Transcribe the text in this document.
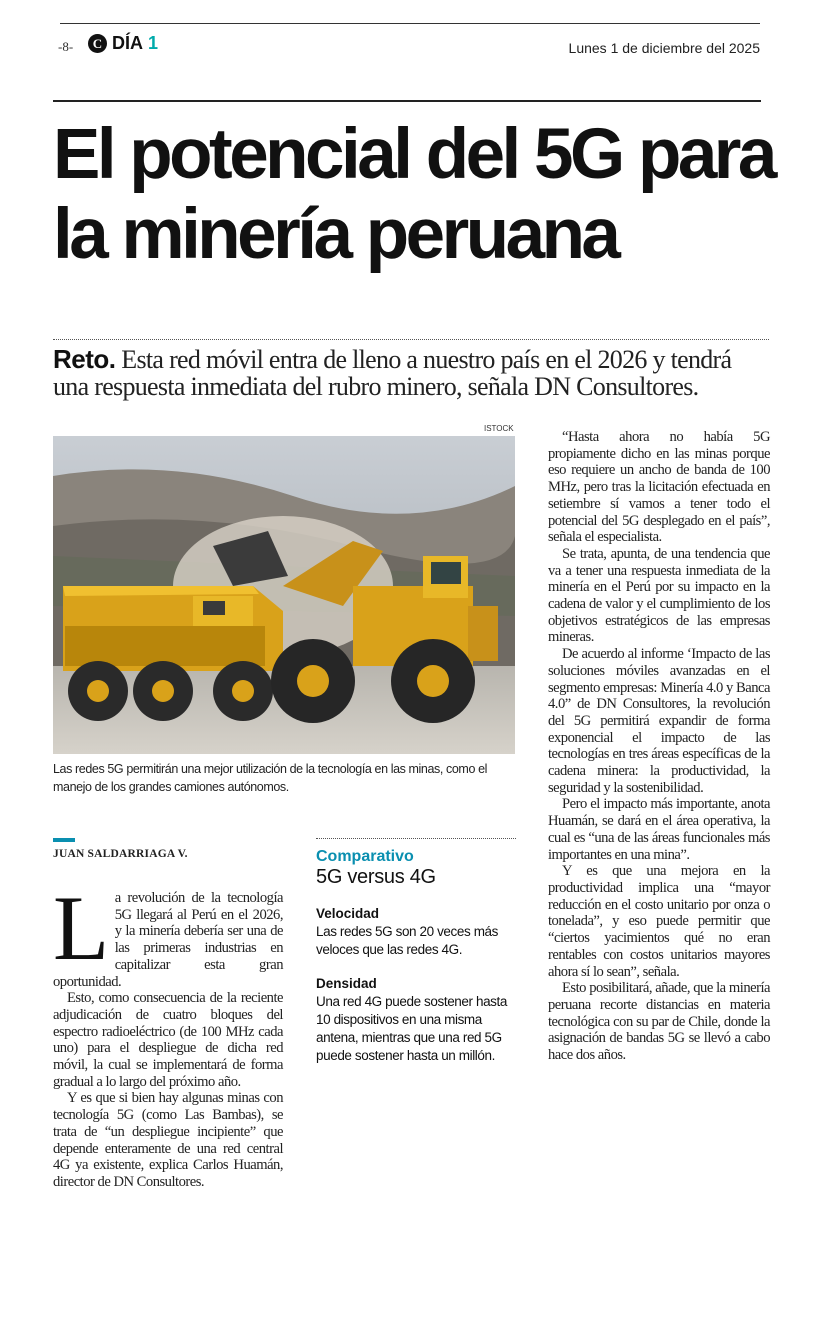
-8-	C DÍA 1	Lunes 1 de diciembre del 2025
El potencial del 5G para la minería peruana
Reto. Esta red móvil entra de lleno a nuestro país en el 2026 y tendrá una respuesta inmediata del rubro minero, señala DN Consultores.
ISTOCK
Las redes 5G permitirán una mejor utilización de la tecnología en las minas, como el manejo de los grandes camiones autónomos.
JUAN SALDARRIAGA V.

La revolución de la tecnología 5G llegará al Perú en el 2026, y la minería debería ser una de las primeras industrias en capitalizar esta gran oportunidad.

Esto, como consecuencia de la reciente adjudicación de cuatro bloques del espectro radioeléctrico (de 100 MHz cada uno) para el despliegue de dicha red móvil, la cual se implementará de forma gradual a lo largo del próximo año.

Y es que si bien hay algunas minas con tecnología 5G (como Las Bambas), se trata de “un despliegue incipiente” que depende enteramente de una red central 4G ya existente, explica Carlos Huamán, director de DN Consultores.

Comparativo
5G versus 4G
Velocidad
Las redes 5G son 20 veces más veloces que las redes 4G.
Densidad
Una red 4G puede sostener hasta 10 dispositivos en una misma antena, mientras que una red 5G puede sostener hasta un millón.

“Hasta ahora no había 5G propiamente dicho en las minas porque eso requiere un ancho de banda de 100 MHz, pero tras la licitación efectuada en setiembre sí vamos a tener todo el potencial del 5G desplegado en el país”, señala el especialista.

Se trata, apunta, de una tendencia que va a tener una respuesta inmediata de la minería en el Perú por su impacto en la cadena de valor y el cumplimiento de los objetivos estratégicos de las empresas mineras.

De acuerdo al informe ‘Impacto de las soluciones móviles avanzadas en el segmento empresas: Minería 4.0 y Banca 4.0” de DN Consultores, la revolución del 5G permitirá expandir de forma exponencial el impacto de las tecnologías en tres áreas específicas de la cadena minera: la productividad, la seguridad y la sostenibilidad.

Pero el impacto más importante, anota Huamán, se dará en el área operativa, la cual es “una de las áreas funcionales más importantes en una mina”.

Y es que una mejora en la productividad implica una “mayor reducción en el costo unitario por onza o tonelada”, y eso puede permitir que “ciertos yacimientos qué no eran rentables con costos unitarios mayores ahora sí lo sean”, señala.

Esto posibilitará, añade, que la minería peruana recorte distancias en materia tecnológica con su par de Chile, donde la asignación de bandas 5G se llevó a cabo hace dos años.
